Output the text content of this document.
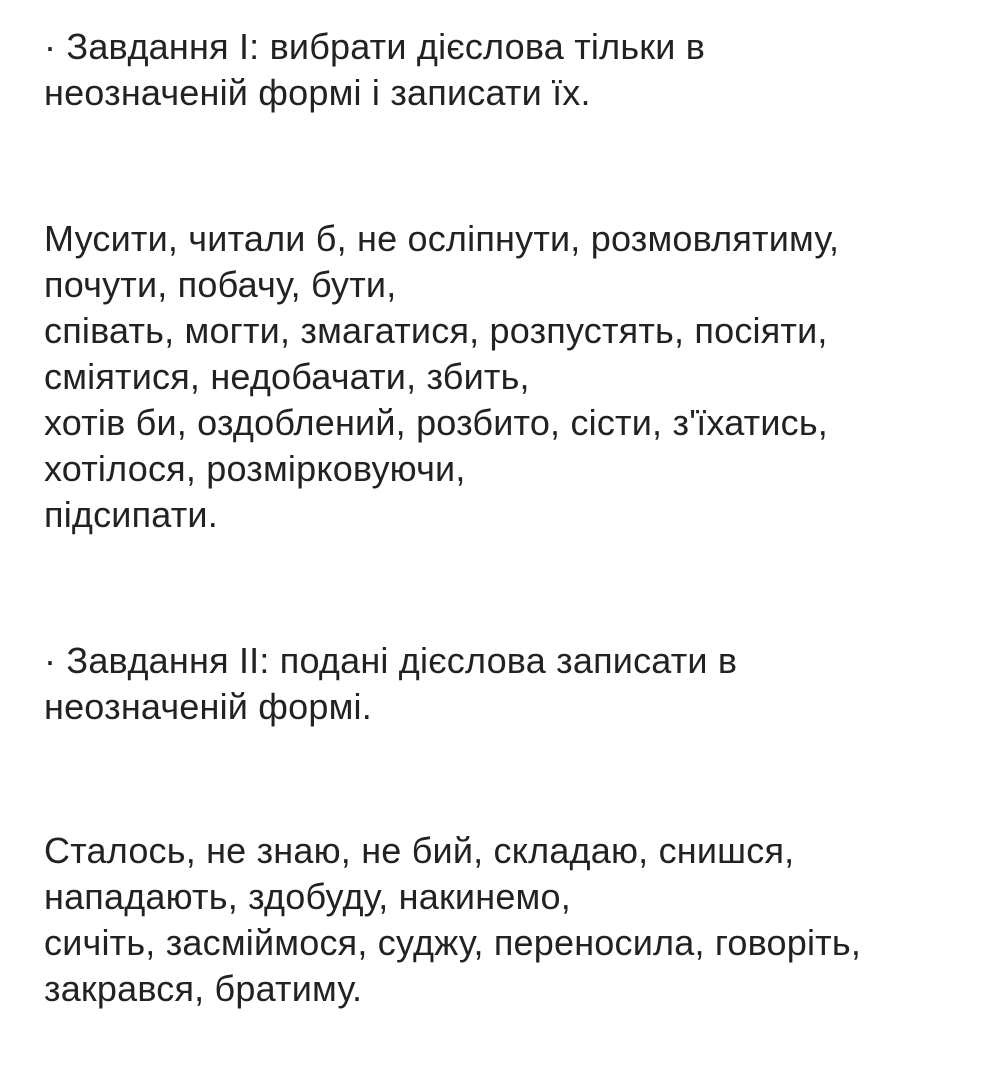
· Завдання І: вибрати дієслова тільки в
неозначеній формі і записати їх.
Мусити, читали б, не осліпнути, розмовлятиму,
почути, побачу, бути,
співать, могти, змагатися, розпустять, посіяти,
сміятися, недобачати, збить,
хотів би, оздоблений, розбито, сісти, з'їхатись,
хотілося, розмірковуючи,
підсипати.
· Завдання ІІ: подані дієслова записати в
неозначеній формі.
Сталось, не знаю, не бий, складаю, снишся,
нападають, здобуду, накинемо,
сичіть, засміймося, суджу, переносила, говоріть,
закрався, братиму.
